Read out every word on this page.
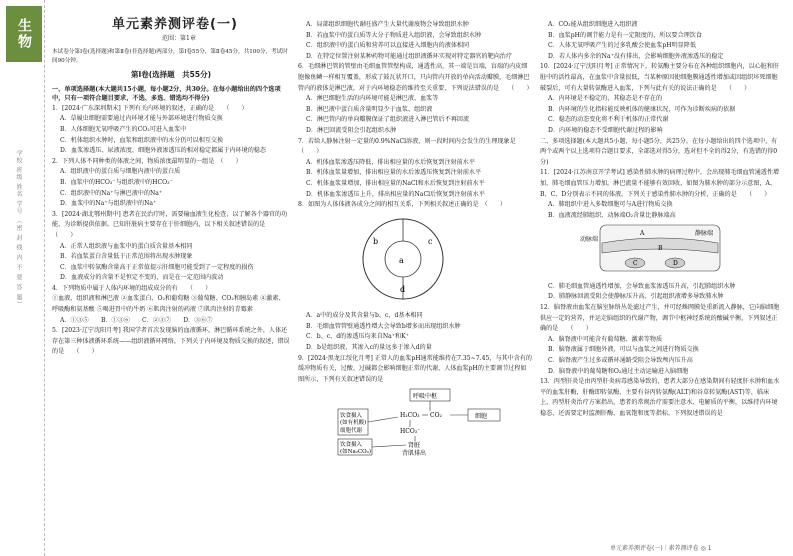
生物
学校 班级 姓名 学号 （密 封 线 内 不 要 答 题）
单元素养测评卷(一)
范围：第1章
本试卷分第Ⅰ卷(选择题)和第Ⅱ卷(非选择题)两部分，第Ⅰ卷55分，第Ⅱ卷45分，共100分，考试时间90分钟。
第Ⅰ卷(选择题　共55分)
一、单项选择题(本大题共15小题，每小题2分，共30分。在每小题给出的四个选项中，只有一项符合题目要求，不选、多选、错选均不得分)

1．[2024·广东深圳期末] 下列有关内环境的叙述，正确的是　　（　　）

A．草履虫细胞需要通过内环境才能与外部环境进行物质交换

B．人体细胞无氧呼吸产生的CO₂可进入血浆中

C．机体组织水肿时，血浆和组织液中的水分仍可以相互交换

D．血浆渗透压、尿液浓度、细胞外液渗透压的相对稳定都属于内环境的稳态

2．下列人体不同种类的体液之间，物质浓度最明显的一组是　（　　）

A．组织液中的蛋白质与细胞内液中的蛋白质

B．血浆中的HCO₃⁻与组织液中的HCO₃⁻

C．组织液中的Na⁺与淋巴液中的Na⁺

D．血浆中的Na⁺与组织液中的Na⁺

3．[2024·湖北鄂州期中] 患者在民治疗时，需要输血液生化检查，以了解各个器官的功能，为诊断提供依据。已知肝脏病主要存在于肝细胞内，以下相关叙述错误的是　　（　　）

A．正常人组织液与血浆中的蛋白质含量基本相同

B．若血浆蛋白含量低于正常范围将出现水肿现象

C．血浆中转氨酶含量高于正常值提示肝细胞可能受到了一定程度的损伤

D．血液成分的含量不是恒定不变的，而是在一定范围内波动

4．下列物质中属于人体内环境的组成成分的有　　（　　）

①血液、组织液和淋巴液 ②血浆蛋白、O₂和葡萄糖 ③葡萄糖、CO₂和胰岛素 ④激素、呼吸酶和氨基酸 ⑤喝进胃中的牛奶 ⑥肌肉注射的药液 ⑦肌肉注射的青霉素

A．①③⑤　　B．①③⑥　　C．②③⑦　　D．③⑥⑦

5．[2023·辽宁沈阳月考] 我国学者首次发现脑的血液循环，淋巴循环系统之外，人体还存在第三种体液循环系统——组织液循环网络。下列关于内环境及物质交换的叙述，错误的是　　（　　）

A．局部组织细胞代谢旺盛产生大量代谢废物会导致组织水肿

B．若血浆中的蛋白质等大分子物质进入组织液，会导致组织水肿

C．组织液中的蛋白质和营养可以直接进入细胞内的液体相同

D．在特定位置注射某种药物可能通过组织液循环实现对特定器官的靶向治疗

6．毛细淋巴管的管壁由毛细血管管壁构成，通透性高，其一端是盲端，盲端的内皮细胞像鱼鳞一样相互覆盖，形成了鼓瓦状开口，只向管内开放的单向活动瓣膜，毛细淋巴管内的液体是淋巴液，对于内环境稳态的维持至关重要，下列说法错误的是　　（　　）

A．淋巴细胞生活的内环境可能是淋巴液、血浆等

B．淋巴液中蛋白质含量明显少于血浆、组织液

C．淋巴管内的单向瓣膜保证了组织液进入淋巴管后不再回流

D．淋巴回流受阻会引起组织水肿

7．若给人静脉注射一定量的0.9%NaCl溶液，则一段时间内会发生的生理现象是　　（　　）

A．机体血浆渗透压降低，排出相应量的水后恢复到注射前水平

B．机体血浆量增加，排出相应量的水后渗透压恢复到注射前水平

C．机体血浆量增加，排出相应量的NaCl和水后恢复到注射前水平

D．机体血浆渗透压上升，排出相应量的NaCl后恢复到注射前水平

8．如图为人体体液各成分之间的相互关系，下列相关叙述正确的是　（　　）

a
b	c
d

A．a中的成分及其含量与b、c、d基本相同

B．毛细血管管壁通透性增大会导致b增多而出现组织水肿

C．b、c、d的渗透压均来自Na⁺和K⁺

D．b是组织液，其渗入c的量远多于渗入d的量

9．[2024·黑龙江绥化月考] 正常人的血浆pH通常能维持在7.35~7.45，与其中含有的缓冲物质有关，过酸、过碱都会影响细胞正常的代谢，人体血浆pH的主要调节过程如图所示，下列有关叙述错误的是

呼吸中枢
饮食摄入
(如有机酸)
细胞代谢
H₂CO₃ CO₂
HCO₃⁻
细胞
饮食摄入
(如Na₂CO₃)
肾脏
背肌排出

A．CO₂能从组织细胞进入组织液

B．血浆pH的调节能力是有一定限度的，所以要合理饮食

C．人体无氧呼吸产生的过多乳酸会使血浆pH明显降低

D．若人体内多余的Na⁺没有排出，会影响细胞外液渗透压的稳定

10．[2024·辽宁沈阳月考] 正常情况下，转氨酶主要分布在各种组织细胞内，以心脏和肝脏中的活性最高，在血浆中含量很低，当某种原因使细胞膜通透性增加或因组织坏死细胞破裂后，可有大量转氨酶进入血浆，下列与此有关的说法正确的是　　（　　）

A．内环境是不稳定的，其稳态是不存在的

B．内环境的生化指标能反映机体的健康状况，可作为诊断疾病的依据

C．稳态的动态变化将不利于机体的正常代谢

D．内环境的稳态不受细胞代谢过程的影响

二、多项选择题(本大题共5小题，每小题5分，共25分。在每小题给出的四个选项中，有两个或两个以上选项符合题目要求，全部选对得5分，选对但不全的得2分，有选错的得0分)

11．[2024·江苏南京开学考试] 感染性肺水肿的病理过程中，会出现肺毛细血管通透性增加，肺毛细血管压力增加，淋巴流量不能够有效回收，如图为肺水肿的部分示意图，A、B、C、D分别表示不同的体液，下列关于感染性肺水肿的分析，正确的是　　（　　）

A．肺组织中进入多数细胞可与A进行物质交换

B．血液流经肺组织，动脉端O₂含量比静脉端高

动脉端
静脉端
A
B
C	D

C．肺毛细血管通透性增加，会导致血浆渗透压升高，引起肺组织水肿

D．肺静脉回流受阻会使静脉压升高，引起组织液增多导致肺水肿

12．脑脊液由血浆在脑室脉络丛处滤过产生，并可经蛛网膜处重新流入静脉，它向脑细胞供应一定的营养，并运走脑组织的代谢产物，调节中枢神经系统的酸碱平衡，下列叙述正确的是　　（　　）

A．脑脊液中可能含有葡萄糖、激素等物质

B．脑脊液属于细胞外液，可以与血浆之间进行物质交换

C．脑脊液产生过多或循环通路受阻会导致颅内压升高

D．脑脊液中的葡萄糖和O₂通过主动运输进入脑细胞

13．丙型肝炎是由丙型肝炎病毒感染导致的，患者大部分在感染期间有轻度肝水肿和血水平的血浆肝酶，肝酶即转氨酶，主要有谷丙转氨酶(ALT)和谷草转氨酶(AST)等，临床上，丙型肝炎治疗方案指出，患者的常规治疗需要注意水、电解质的平衡，以维持内环境稳态，还需要定时监测肝酶，血氧饱和度等指标，下列叙述错误的是

单元素养测评卷(一)｜素养测评卷 ◎ 1
